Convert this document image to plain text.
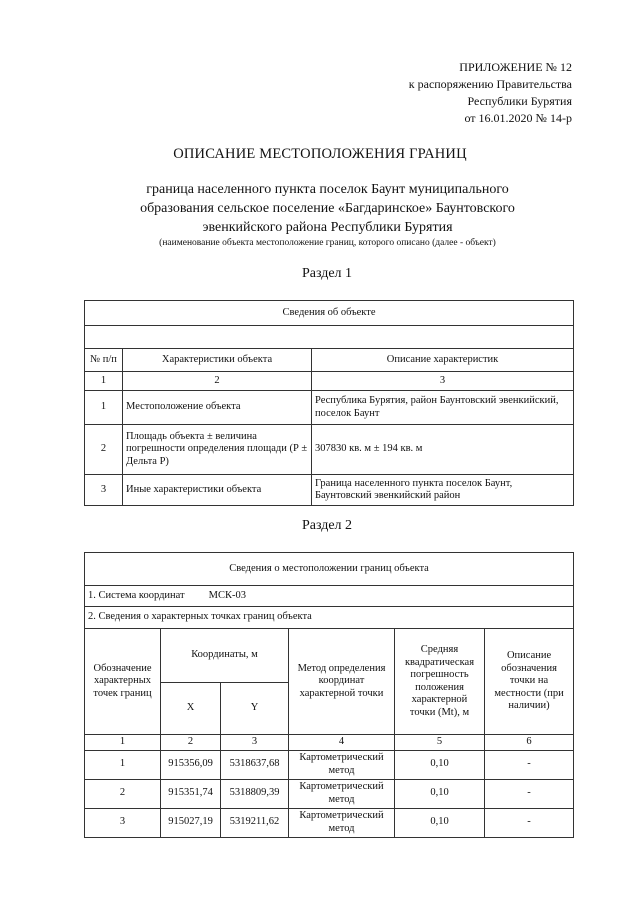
ПРИЛОЖЕНИЕ № 12
к распоряжению Правительства
Республики Бурятия
от 16.01.2020 № 14-р
ОПИСАНИЕ МЕСТОПОЛОЖЕНИЯ ГРАНИЦ
граница населенного пункта поселок Баунт муниципального
образования сельское поселение «Багдаринское» Баунтовского
эвенкийского района Республики Бурятия
(наименование объекта местоположение границ, которого описано (далее - объект)
Раздел 1
Сведения об объекте		

№ п/п	Характеристики объекта	Описание характеристик
1	2	3
1	Местоположение объекта	Республика Бурятия, район Баунтовский эвенкийский, поселок Баунт
2	Площадь объекта ± величина погрешности определения площади (Р ± Дельта Р)	307830 кв. м ± 194 кв. м
3	Иные характеристики объекта	Граница населенного пункта поселок Баунт, Баунтовский эвенкийский район
Раздел 2
Сведения о местоположении границ объекта					
1. Система координат МСК-03					
2. Сведения о характерных точках границ объекта					
Обозначение характерных точек границ	Координаты, м		Метод определения координат характерной точки	Средняя квадратическая погрешность положения характерной точки (Mt), м	Описание обозначения точки на местности (при наличии)
	X	Y			
1	2	3	4	5	6
1	915356,09	5318637,68	Картометрический метод	0,10	-
2	915351,74	5318809,39	Картометрический метод	0,10	-
3	915027,19	5319211,62	Картометрический метод	0,10	-
